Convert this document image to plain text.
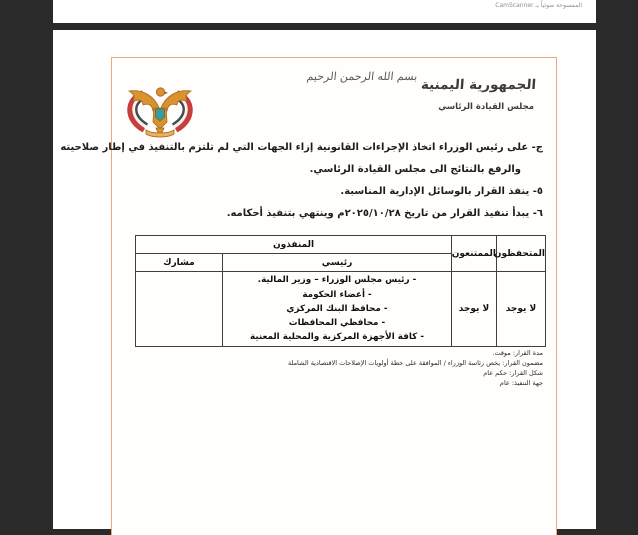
الممسوحة ضوئياً بـ CamScanner
بسم الله الرحمن الرحيم
الجمهورية اليمنية
مجلس القيادة الرئاسي
ج- على رئيس الوزراء اتخاذ الإجراءات القانونية إزاء الجهات التي لم تلتزم بالتنفيذ في إطار صلاحيته
والرفع بالنتائج الى مجلس القيادة الرئاسي.
٥- ينفذ القرار بالوسائل الإدارية المناسبة.
٦- يبدأ تنفيذ القرار من تاريخ ٢٠٢٥/١٠/٢٨م وينتهي بتنفيذ أحكامه.
المتحفظون	الممتنعون	المنفذون	
		رئيسي	مشارك
لا يوجد	لا يوجد	- رئيس مجلس الوزراء – وزير المالية.
- أعضاء الحكومة
- محافظ البنك المركزي
- محافظي المحافظات
- كافة الأجهزة المركزية والمحلية المعنية	

مدة القرار: موقت.
مضمون القرار: يخص رئاسة الوزراء / الموافقة على خطة أولويات الإصلاحات الاقتصادية الشاملة
شكل القرار: حكم عام
جهة التنفيذ: عام
